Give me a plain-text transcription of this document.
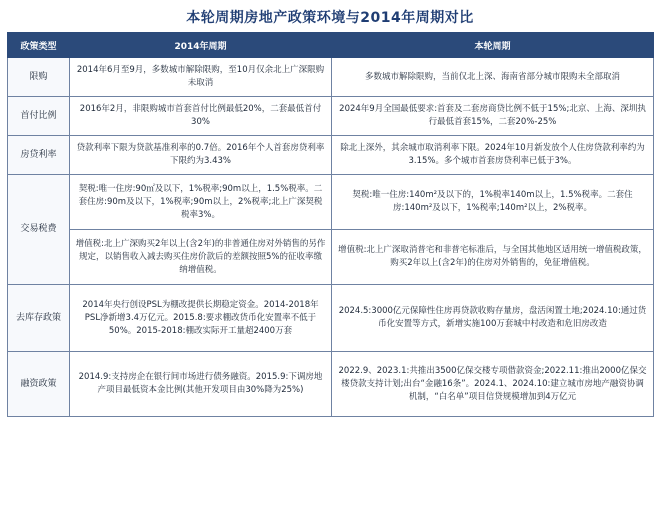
本轮周期房地产政策环境与2014年周期对比
政策类型	2014年周期	本轮周期
限购	2014年6月至9月，多数城市解除限购，至10月仅余北上广深限购未取消	多数城市解除限购，当前仅北上深、海南省部分城市限购未全部取消
首付比例	2016年2月，非限购城市首套首付比例最低20%，二套最低首付30%	2024年9月全国最低要求:首套及二套房商贷比例不低于15%;北京、上海、深圳执行最低首套15%，二套20%-25%
房贷利率	贷款利率下限为贷款基准利率的0.7倍。2016年个人首套房贷利率下限约为3.43%	除北上深外，其余城市取消利率下限。2024年10月新发放个人住房贷款利率约为3.15%。多个城市首套房贷利率已低于3%。
交易税费	契税:唯一住房:90㎡及以下，1%税率;90m以上，1.5%税率。二套住房:90m及以下，1%税率;90m以上，2%税率;北上广深契税税率3%。	契税:唯一住房:140m²及以下的，1%税率140m以上，1.5%税率。二套住房:140m²及以下，1%税率;140m²以上，2%税率。
	增值税:北上广深购买2年以上(含2年)的非普通住房对外销售的另作规定，以销售收入减去购买住房价款后的差额按照5%的征收率缴纳增值税。	增值税:北上广深取消普宅和非普宅标准后，与全国其他地区适用统一增值税政策，购买2年以上(含2年)的住房对外销售的，免征增值税。
去库存政策	2014年央行创设PSL为棚改提供长期稳定资金。2014-2018年PSL净新增3.4万亿元。2015.8:要求棚改货币化安置率不低于50%。2015-2018:棚改实际开工量超2400万套	2024.5:3000亿元保障性住房再贷款收购存量房，盘活闲置土地;2024.10:通过货币化安置等方式，新增实施100万套城中村改造和危旧房改造
融资政策	2014.9:支持房企在银行间市场进行债务融资。2015.9:下调房地产项目最低资本金比例(其他开发项目由30%降为25%)	2022.9、2023.1:共推出3500亿保交楼专项借款资金;2022.11:推出2000亿保交楼贷款支持计划;出台“金融16条”。2024.1、2024.10:建立城市房地产融资协调机制，“白名单”项目信贷规模增加到4万亿元
